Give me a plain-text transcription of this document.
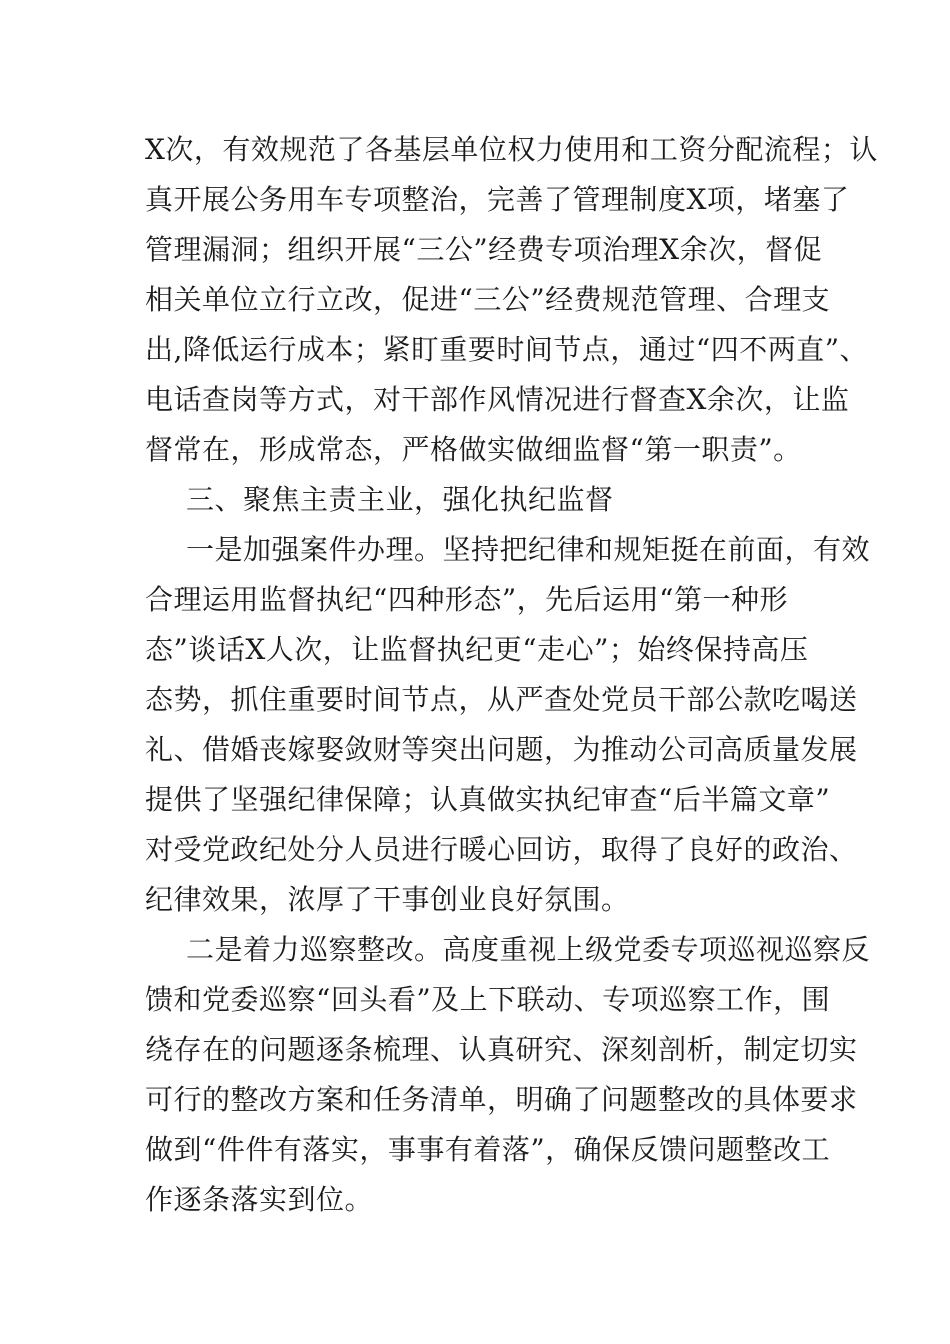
X次，有效规范了各基层单位权力使用和工资分配流程；认
真开展公务用车专项整治，完善了管理制度X项，堵塞了
管理漏洞；组织开展“三公”经费专项治理X余次，督促
相关单位立行立改，促进“三公”经费规范管理、合理支
出,降低运行成本；紧盯重要时间节点，通过“四不两直”、
电话查岗等方式，对干部作风情况进行督查X余次，让监
督常在，形成常态，严格做实做细监督“第一职责”。
三、聚焦主责主业，强化执纪监督
一是加强案件办理。坚持把纪律和规矩挺在前面，有效
合理运用监督执纪“四种形态”，先后运用“第一种形
态”谈话X人次，让监督执纪更“走心”；始终保持高压
态势，抓住重要时间节点，从严查处党员干部公款吃喝送
礼、借婚丧嫁娶敛财等突出问题，为推动公司高质量发展
提供了坚强纪律保障；认真做实执纪审查“后半篇文章”
对受党政纪处分人员进行暖心回访，取得了良好的政治、
纪律效果，浓厚了干事创业良好氛围。
二是着力巡察整改。高度重视上级党委专项巡视巡察反
馈和党委巡察“回头看”及上下联动、专项巡察工作，围
绕存在的问题逐条梳理、认真研究、深刻剖析，制定切实
可行的整改方案和任务清单，明确了问题整改的具体要求
做到“件件有落实，事事有着落”，确保反馈问题整改工
作逐条落实到位。
